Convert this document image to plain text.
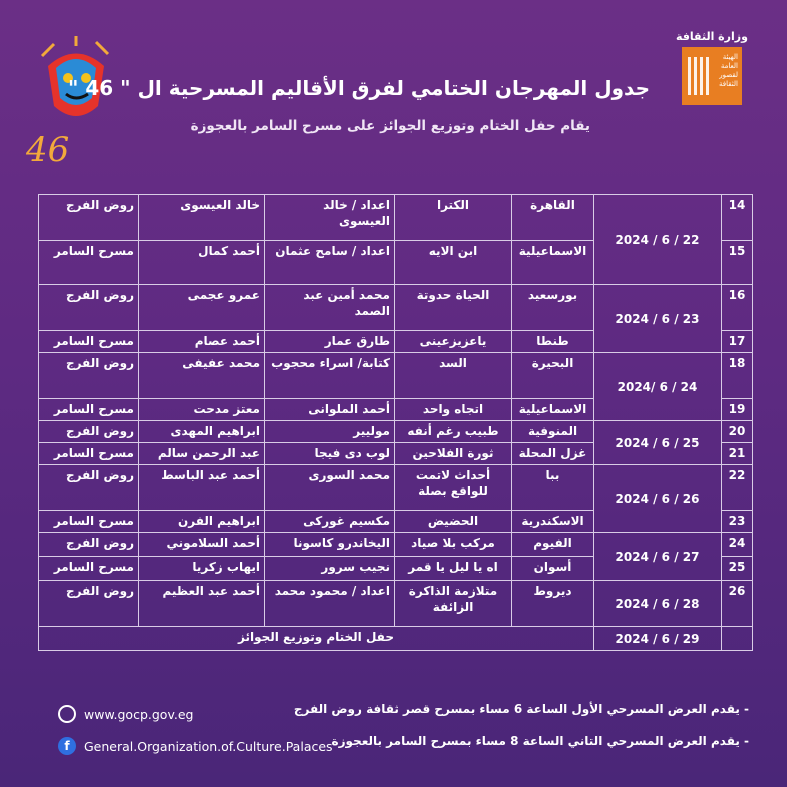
46
وزارة الثقافة
الهيئة العامة لقصور الثقافة
جدول المهرجان الختامي لفرق الأقاليم المسرحية ال " 46 "
يقام حفل الختام وتوزيع الجوائز على مسرح السامر بالعجوزة
14	2024 / 6 / 22	القاهرة	الكترا	اعداد / خالد العيسوى	خالد العيسوى	روض الفرج
15		الاسماعيلية	ابن الايه	اعداد / سامح عثمان	أحمد كمال	مسرح السامر
16	2024 / 6 / 23	بورسعيد	الحياة حدوتة	محمد أمين عبد الصمد	عمرو عجمى	روض الفرج
17		طنطا	ياعزيزعينى	طارق عمار	أحمد عصام	مسرح السامر
18	2024/ 6 / 24	البحيرة	السد	كتابة/ اسراء محجوب	محمد عفيفى	روض الفرج
19		الاسماعيلية	اتجاه واحد	أحمد الملوانى	معتز مدحت	مسرح السامر
20	2024 / 6 / 25	المنوفية	طبيب رغم أنفه	موليير	ابراهيم المهدى	روض الفرج
21		غزل المحلة	ثورة الفلاحين	لوب دى فيجا	عبد الرحمن سالم	مسرح السامر
22	2024 / 6 / 26	ببا	أحداث لاتمت للواقع بصلة	محمد السورى	أحمد عبد الباسط	روض الفرج
23		الاسكندرية	الحضيض	مكسيم غوركى	ابراهيم الفرن	مسرح السامر
24	2024 / 6 / 27	الفيوم	مركب بلا صياد	اليخاندرو كاسونا	أحمد السلاموني	روض الفرج
25		أسوان	اه يا ليل يا قمر	نجيب سرور	ايهاب زكريا	مسرح السامر
26	2024 / 6 / 28	ديروط	متلازمة الذاكرة الزائفة	اعداد / محمود محمد	أحمد عبد العظيم	روض الفرج
	2024 / 6 / 29	حفل الختام وتوزيع الجوائز				
www.gocp.gov.eg
f	General.Organization.of.Culture.Palaces
- يقدم العرض المسرحي الأول الساعة 6 مساء بمسرح قصر ثقافة روض الفرج
- يقدم العرض المسرحي التاني الساعة 8 مساء بمسرح السامر بالعجوزة
